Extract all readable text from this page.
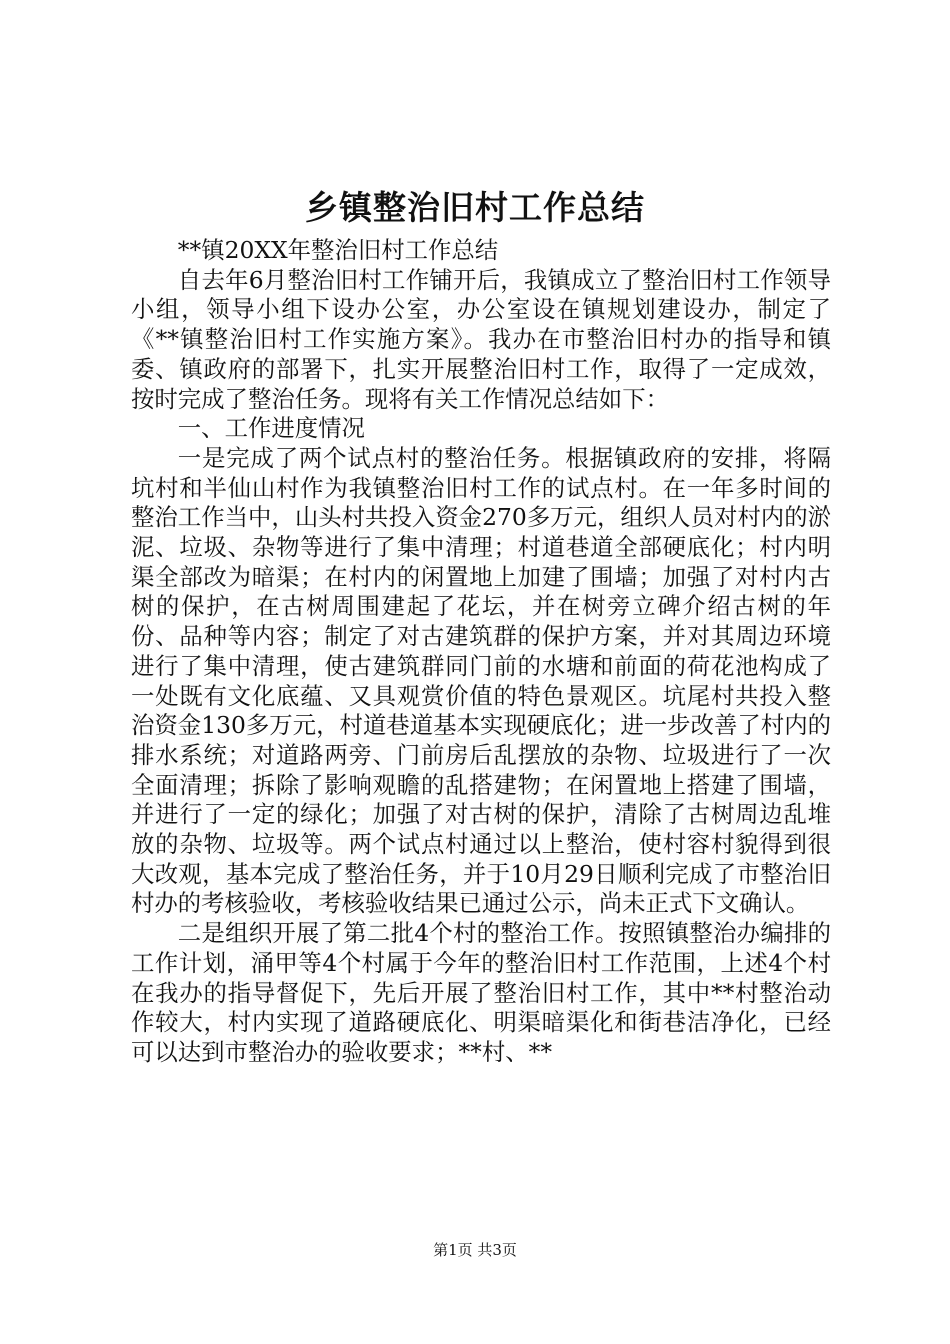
乡镇整治旧村工作总结

**镇20XX年整治旧村工作总结

自去年6月整治旧村工作铺开后，我镇成立了整治旧村工作领导小组，领导小组下设办公室，办公室设在镇规划建设办，制定了《**镇整治旧村工作实施方案》。我办在市整治旧村办的指导和镇委、镇政府的部署下，扎实开展整治旧村工作，取得了一定成效，按时完成了整治任务。现将有关工作情况总结如下：

一、工作进度情况

一是完成了两个试点村的整治任务。根据镇政府的安排，将隔坑村和半仙山村作为我镇整治旧村工作的试点村。在一年多时间的整治工作当中，山头村共投入资金270多万元，组织人员对村内的淤泥、垃圾、杂物等进行了集中清理；村道巷道全部硬底化；村内明渠全部改为暗渠；在村内的闲置地上加建了围墙；加强了对村内古树的保护，在古树周围建起了花坛，并在树旁立碑介绍古树的年份、品种等内容；制定了对古建筑群的保护方案，并对其周边环境进行了集中清理，使古建筑群同门前的水塘和前面的荷花池构成了一处既有文化底蕴、又具观赏价值的特色景观区。坑尾村共投入整治资金130多万元，村道巷道基本实现硬底化；进一步改善了村内的排水系统；对道路两旁、门前房后乱摆放的杂物、垃圾进行了一次全面清理；拆除了影响观瞻的乱搭建物；在闲置地上搭建了围墙，并进行了一定的绿化；加强了对古树的保护，清除了古树周边乱堆放的杂物、垃圾等。两个试点村通过以上整治，使村容村貌得到很大改观，基本完成了整治任务，并于10月29日顺利完成了市整治旧村办的考核验收，考核验收结果已通过公示，尚未正式下文确认。

二是组织开展了第二批4个村的整治工作。按照镇整治办编排的工作计划，涌甲等4个村属于今年的整治旧村工作范围，上述4个村在我办的指导督促下，先后开展了整治旧村工作，其中**村整治动作较大，村内实现了道路硬底化、明渠暗渠化和街巷洁净化，已经可以达到市整治办的验收要求；**村、**

第1页 共3页
